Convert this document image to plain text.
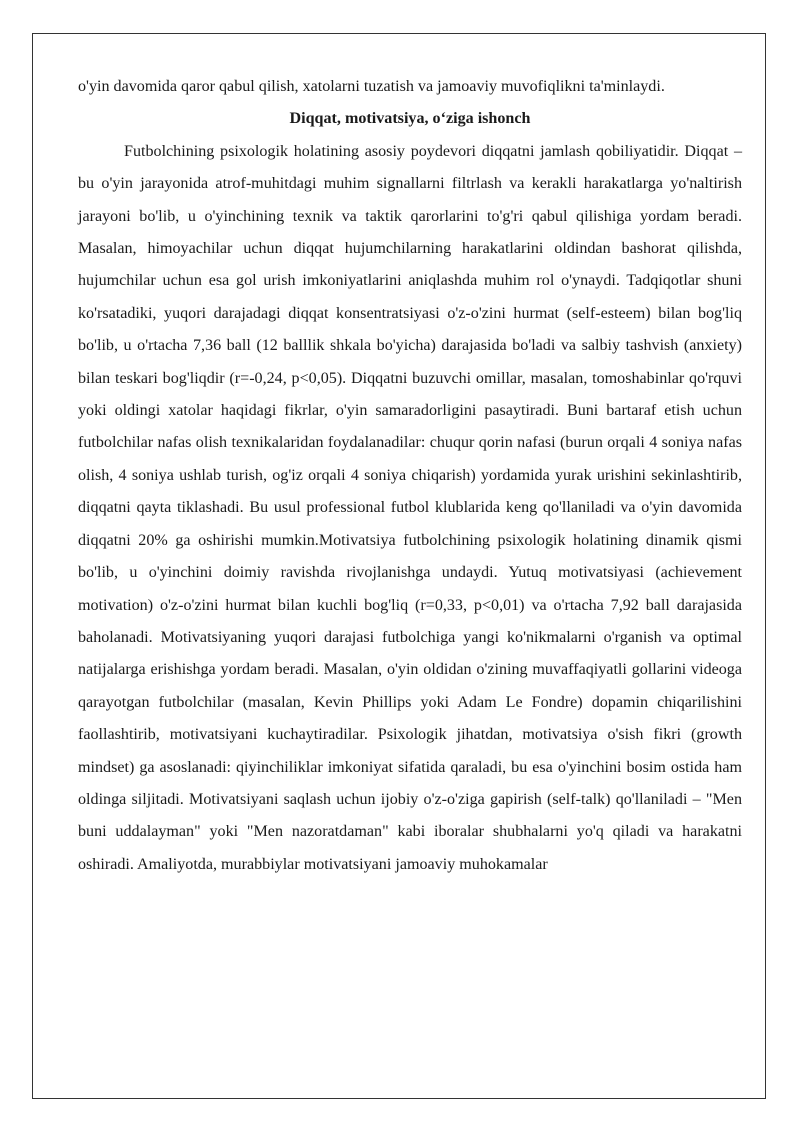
o'yin davomida qaror qabul qilish, xatolarni tuzatish va jamoaviy muvofiqlikni ta'minlaydi.

Diqqat, motivatsiya, o‘ziga ishonch

Futbolchining psixologik holatining asosiy poydevori diqqatni jamlash qobiliyatidir. Diqqat – bu o'yin jarayonida atrof-muhitdagi muhim signallarni filtrlash va kerakli harakatlarga yo'naltirish jarayoni bo'lib, u o'yinchining texnik va taktik qarorlarini to'g'ri qabul qilishiga yordam beradi. Masalan, himoyachilar uchun diqqat hujumchilarning harakatlarini oldindan bashorat qilishda, hujumchilar uchun esa gol urish imkoniyatlarini aniqlashda muhim rol o'ynaydi. Tadqiqotlar shuni ko'rsatadiki, yuqori darajadagi diqqat konsentratsiyasi o'z-o'zini hurmat (self-esteem) bilan bog'liq bo'lib, u o'rtacha 7,36 ball (12 balllik shkala bo'yicha) darajasida bo'ladi va salbiy tashvish (anxiety) bilan teskari bog'liqdir (r=-0,24, p<0,05). Diqqatni buzuvchi omillar, masalan, tomoshabinlar qo'rquvi yoki oldingi xatolar haqidagi fikrlar, o'yin samaradorligini pasaytiradi. Buni bartaraf etish uchun futbolchilar nafas olish texnikalaridan foydalanadilar: chuqur qorin nafasi (burun orqali 4 soniya nafas olish, 4 soniya ushlab turish, og'iz orqali 4 soniya chiqarish) yordamida yurak urishini sekinlashtirib, diqqatni qayta tiklashadi. Bu usul professional futbol klublarida keng qo'llaniladi va o'yin davomida diqqatni 20% ga oshirishi mumkin.Motivatsiya futbolchining psixologik holatining dinamik qismi bo'lib, u o'yinchini doimiy ravishda rivojlanishga undaydi. Yutuq motivatsiyasi (achievement motivation) o'z-o'zini hurmat bilan kuchli bog'liq (r=0,33, p<0,01) va o'rtacha 7,92 ball darajasida baholanadi. Motivatsiyaning yuqori darajasi futbolchiga yangi ko'nikmalarni o'rganish va optimal natijalarga erishishga yordam beradi. Masalan, o'yin oldidan o'zining muvaffaqiyatli gollarini videoga qarayotgan futbolchilar (masalan, Kevin Phillips yoki Adam Le Fondre) dopamin chiqarilishini faollashtirib, motivatsiyani kuchaytiradilar. Psixologik jihatdan, motivatsiya o'sish fikri (growth mindset) ga asoslanadi: qiyinchiliklar imkoniyat sifatida qaraladi, bu esa o'yinchini bosim ostida ham oldinga siljitadi. Motivatsiyani saqlash uchun ijobiy o'z-o'ziga gapirish (self-talk) qo'llaniladi – "Men buni uddalayman" yoki "Men nazoratdaman" kabi iboralar shubhalarni yo'q qiladi va harakatni oshiradi. Amaliyotda, murabbiylar motivatsiyani jamoaviy muhokamalar
